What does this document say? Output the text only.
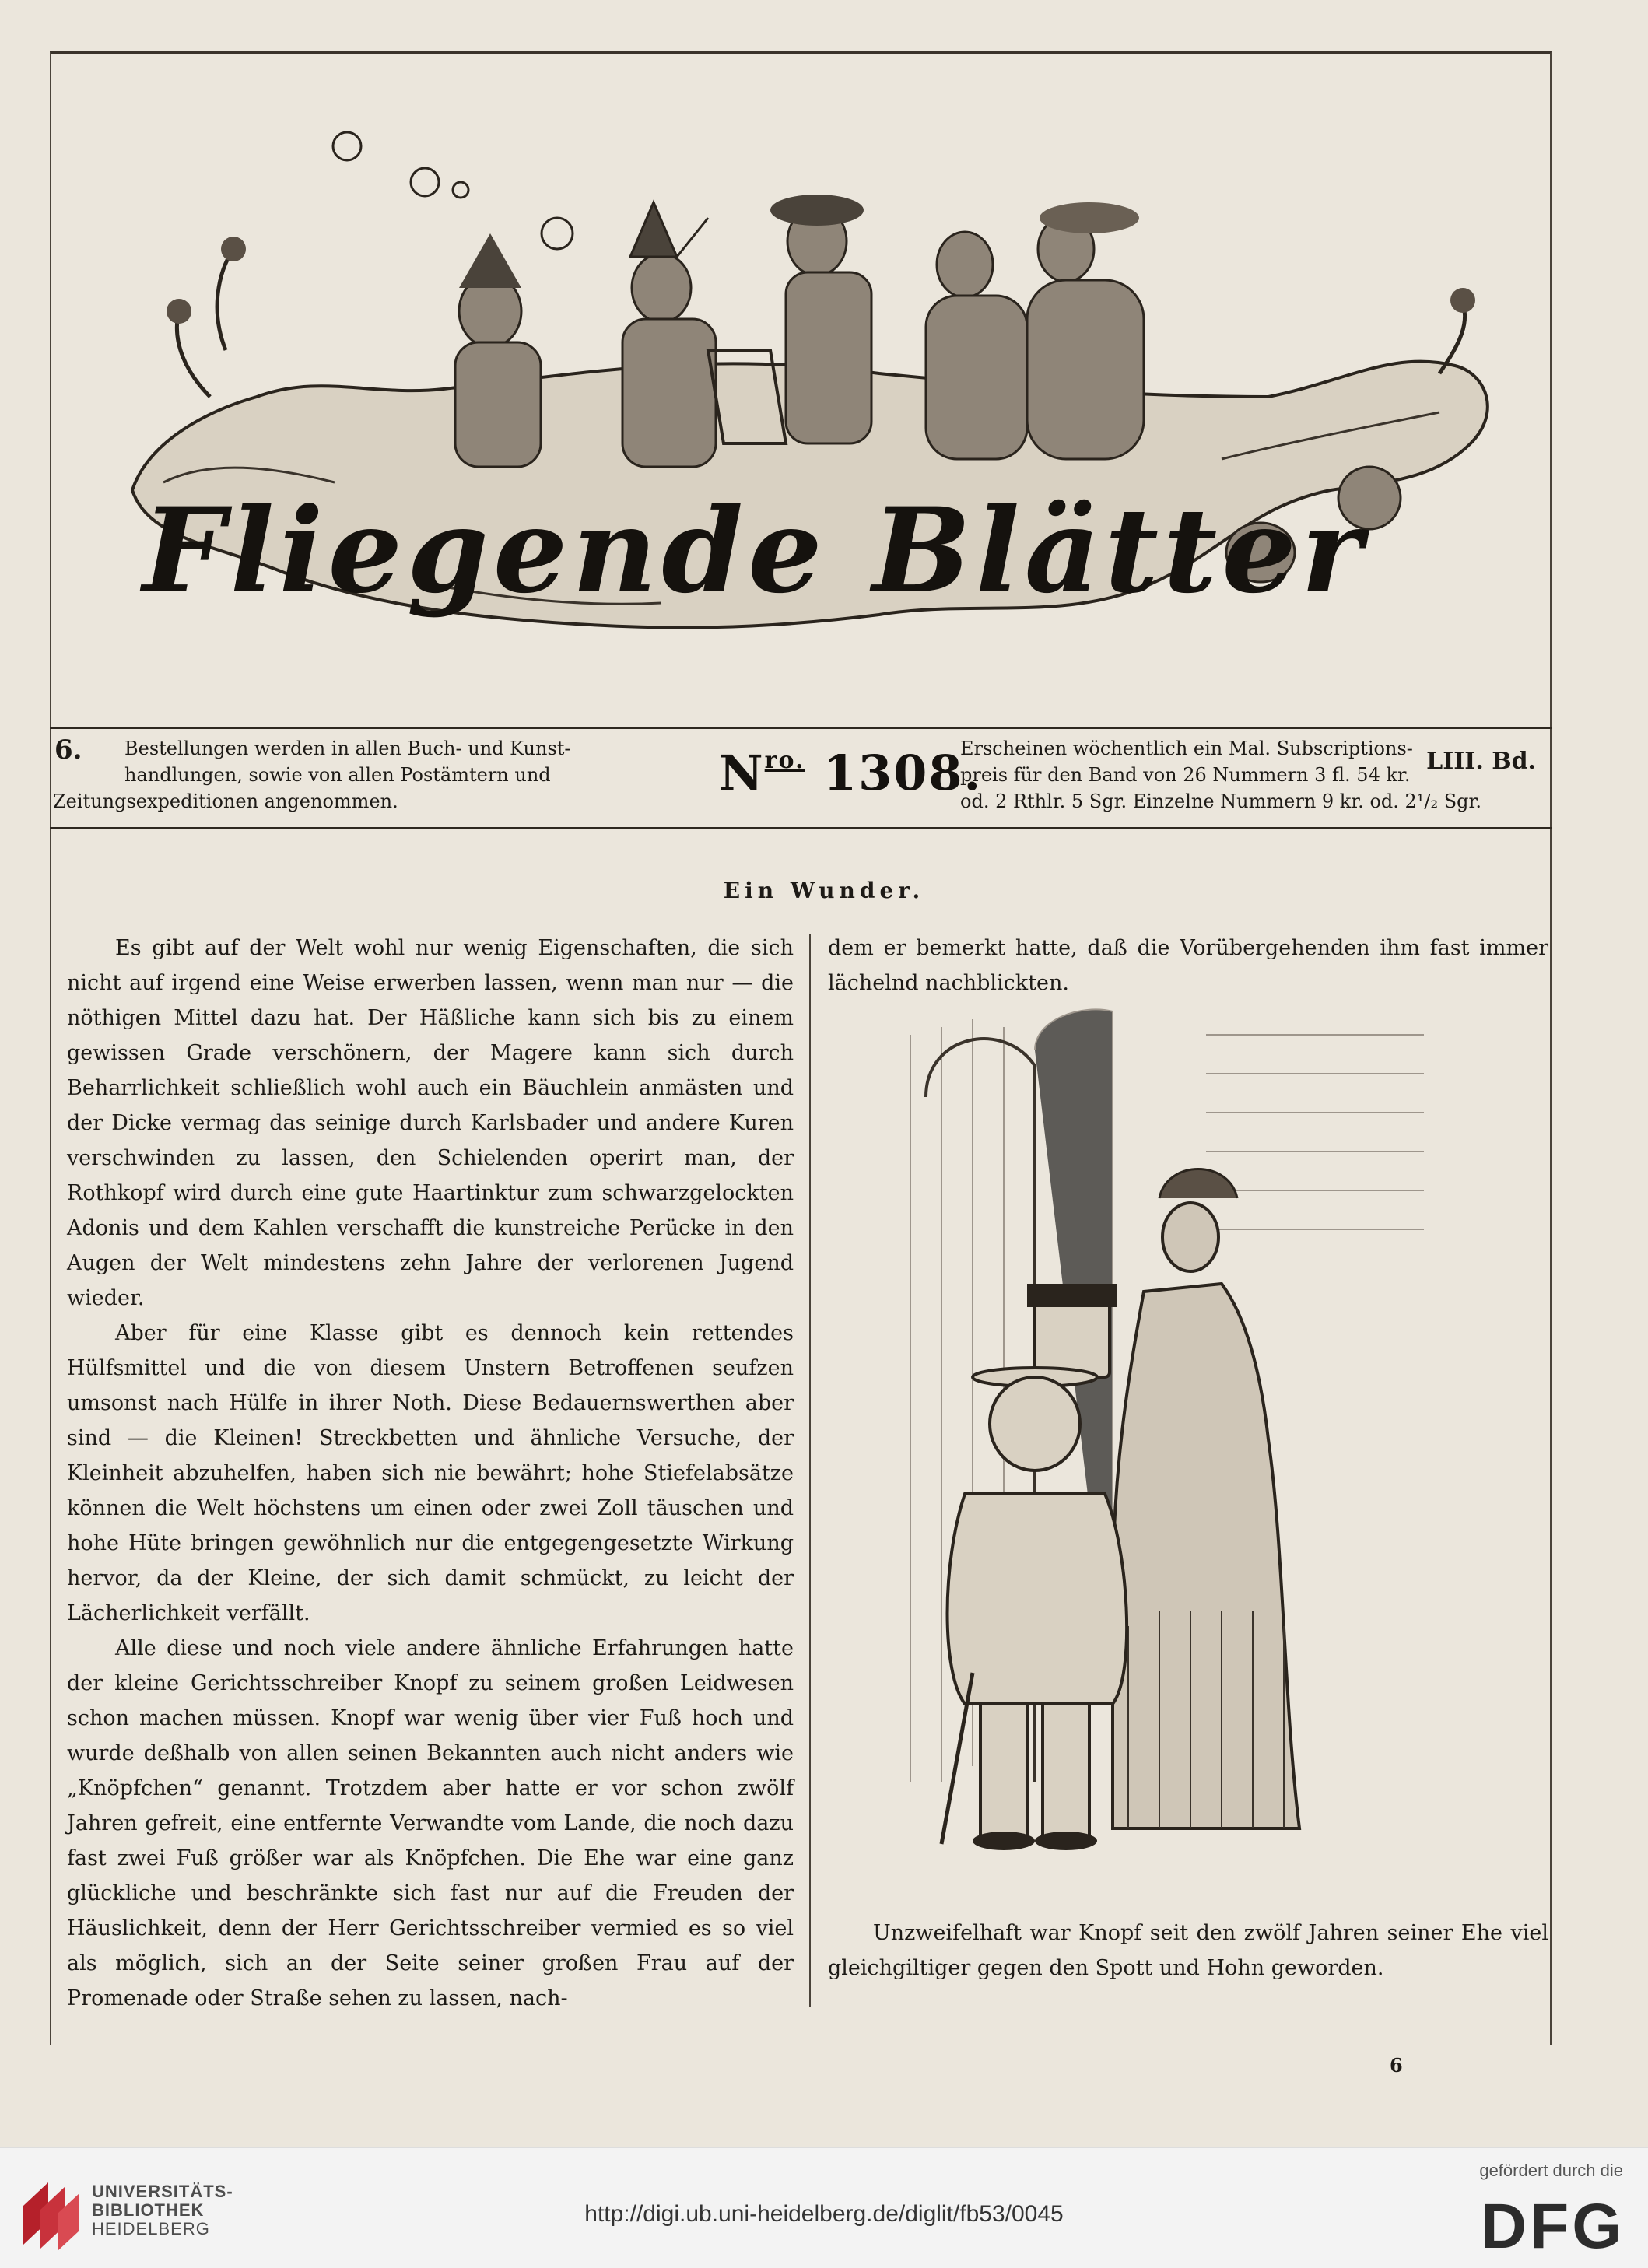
Fliegende Blätter
6. Bestellungen werden in allen Buch- und Kunst-
handlungen, sowie von allen Postämtern und
Zeitungsexpeditionen angenommen.	$N^{ro.}$ 1308.
Erscheinen wöchentlich ein Mal. Subscriptions-
preis für den Band von 26 Nummern 3 fl. 54 kr.
od. 2 Rthlr. 5 Sgr. Einzelne Nummern 9 kr. od. 2¹/₂ Sgr.
LIII. Bd.
Ein Wunder.

Es gibt auf der Welt wohl nur wenig Eigenschaften, die sich nicht auf irgend eine Weise erwerben lassen, wenn man nur — die nöthigen Mittel dazu hat. Der Häßliche kann sich bis zu einem gewissen Grade verschönern, der Magere kann sich durch Beharrlichkeit schließlich wohl auch ein Bäuchlein anmästen und der Dicke vermag das seinige durch Karlsbader und andere Kuren verschwinden zu lassen, den Schielenden operirt man, der Rothkopf wird durch eine gute Haartinktur zum schwarzgelockten Adonis und dem Kahlen verschafft die kunstreiche Perücke in den Augen der Welt mindestens zehn Jahre der verlorenen Jugend wieder.

Aber für eine Klasse gibt es dennoch kein rettendes Hülfsmittel und die von diesem Unstern Betroffenen seufzen umsonst nach Hülfe in ihrer Noth. Diese Bedauernswerthen aber sind — die Kleinen! Streckbetten und ähnliche Versuche, der Kleinheit abzuhelfen, haben sich nie bewährt; hohe Stiefelabsätze können die Welt höchstens um einen oder zwei Zoll täuschen und hohe Hüte bringen gewöhnlich nur die entgegengesetzte Wirkung hervor, da der Kleine, der sich damit schmückt, zu leicht der Lächerlichkeit verfällt.

Alle diese und noch viele andere ähnliche Erfahrungen hatte der kleine Gerichtsschreiber Knopf zu seinem großen Leidwesen schon machen müssen. Knopf war wenig über vier Fuß hoch und wurde deßhalb von allen seinen Bekannten auch nicht anders wie „Knöpfchen“ genannt. Trotzdem aber hatte er vor schon zwölf Jahren gefreit, eine entfernte Verwandte vom Lande, die noch dazu fast zwei Fuß größer war als Knöpfchen. Die Ehe war eine ganz glückliche und beschränkte sich fast nur auf die Freuden der Häuslichkeit, denn der Herr Gerichtsschreiber vermied es so viel als möglich, sich an der Seite seiner großen Frau auf der Promenade oder Straße sehen zu lassen, nach-

dem er bemerkt hatte, daß die Vorübergehenden ihm fast immer lächelnd nachblickten.

Unzweifelhaft war Knopf seit den zwölf Jahren seiner Ehe viel gleichgiltiger gegen den Spott und Hohn geworden.

6
UNIVERSITÄTS-
BIBLIOTHEK
HEIDELBERG
http://digi.ub.uni-heidelberg.de/diglit/fb53/0045
gefördert durch die
DFG
